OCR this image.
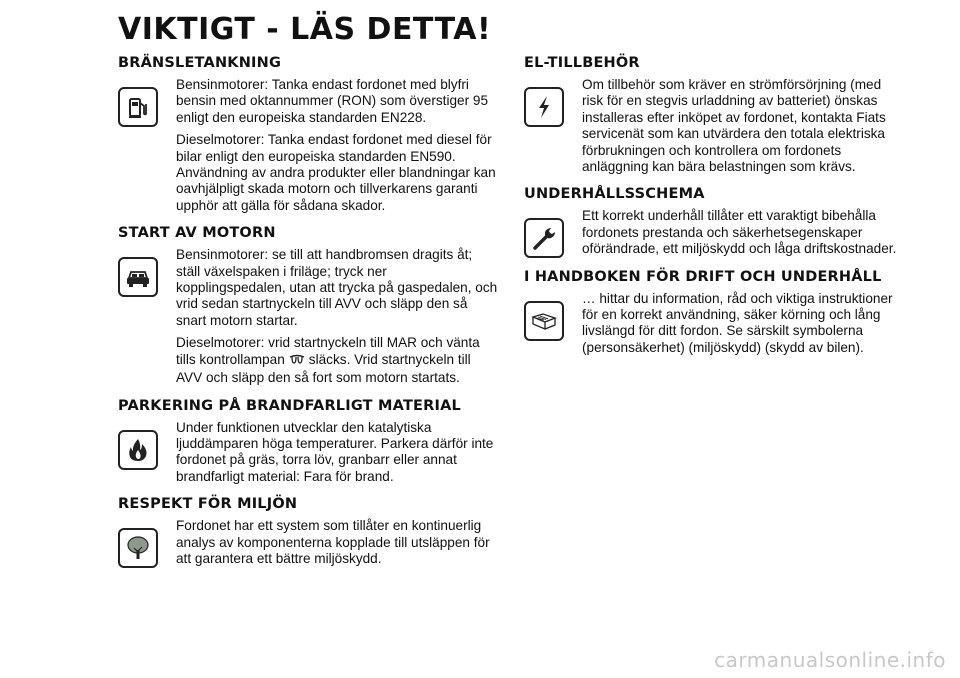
VIKTIGT - LÄS DETTA!
BRÄNSLETANKNING

Bensinmotorer: Tanka endast fordonet med blyfri bensin med oktannummer (RON) som överstiger 95 enligt den europeiska standarden EN228.

Dieselmotorer: Tanka endast fordonet med diesel för bilar enligt den europeiska standarden EN590. Användning av andra produkter eller blandningar kan oavhjälpligt skada motorn och tillverkarens garanti upphör att gälla för sådana skador.

START AV MOTORN

Bensinmotorer: se till att handbromsen dragits åt; ställ växelspaken i friläge; tryck ner kopplingspedalen, utan att trycka på gaspedalen, och vrid sedan startnyckeln till AVV och släpp den så snart motorn startar.

Dieselmotorer: vrid startnyckeln till MAR och vänta tills kontrollampan släcks. Vrid startnyckeln till AVV och släpp den så fort som motorn startats.

PARKERING PÅ BRANDFARLIGT MATERIAL

Under funktionen utvecklar den katalytiska ljuddämparen höga temperaturer. Parkera därför inte fordonet på gräs, torra löv, granbarr eller annat brandfarligt material: Fara för brand.

RESPEKT FÖR MILJÖN

Fordonet har ett system som tillåter en kontinuerlig analys av komponenterna kopplade till utsläppen för att garantera ett bättre miljöskydd.

EL-TILLBEHÖR

Om tillbehör som kräver en strömförsörjning (med risk för en stegvis urladdning av batteriet) önskas installeras efter inköpet av fordonet, kontakta Fiats servicenät som kan utvärdera den totala elektriska förbrukningen och kontrollera om fordonets anläggning kan bära belastningen som krävs.

UNDERHÅLLSSCHEMA

Ett korrekt underhåll tillåter ett varaktigt bibehålla fordonets prestanda och säkerhetsegenskaper oförändrade, ett miljöskydd och låga driftskostnader.

I HANDBOKEN FÖR DRIFT OCH UNDERHÅLL

… hittar du information, råd och viktiga instruktioner för en korrekt användning, säker körning och lång livslängd för ditt fordon. Se särskilt symbolerna (personsäkerhet) (miljöskydd) (skydd av bilen).

carmanualsonline.info
